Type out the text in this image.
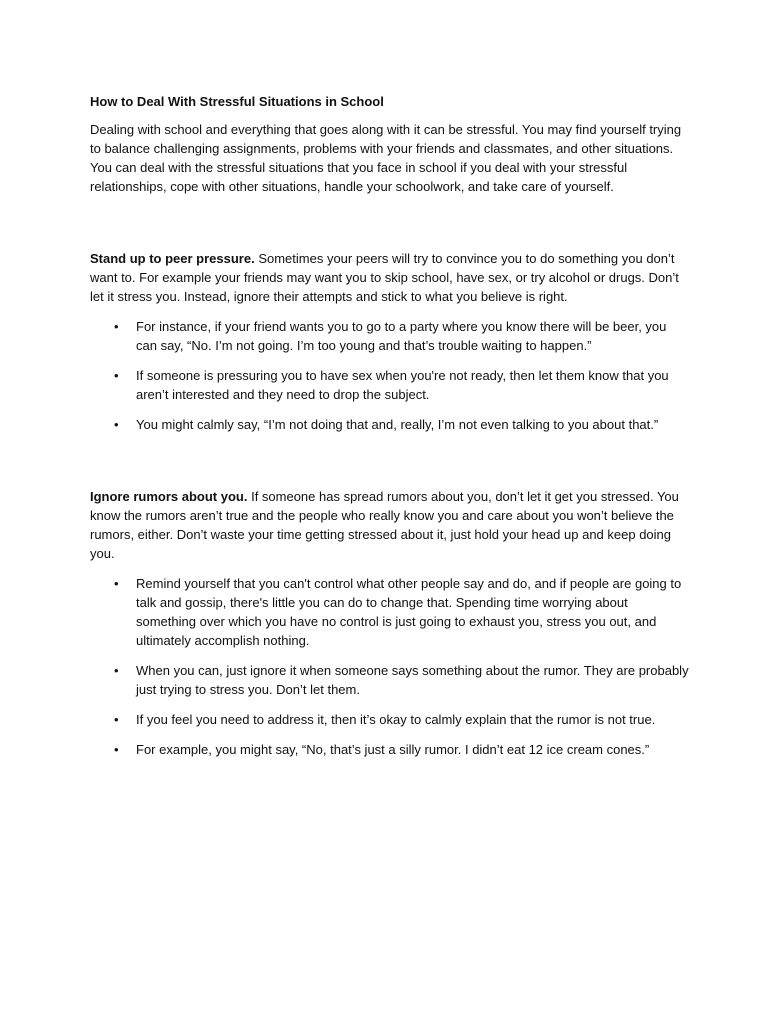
How to Deal With Stressful Situations in School

Dealing with school and everything that goes along with it can be stressful. You may find yourself trying to balance challenging assignments, problems with your friends and classmates, and other situations. You can deal with the stressful situations that you face in school if you deal with your stressful relationships, cope with other situations, handle your schoolwork, and take care of yourself.

Stand up to peer pressure. Sometimes your peers will try to convince you to do something you don’t want to. For example your friends may want you to skip school, have sex, or try alcohol or drugs. Don’t let it stress you. Instead, ignore their attempts and stick to what you believe is right.

• For instance, if your friend wants you to go to a party where you know there will be beer, you can say, “No. I’m not going. I’m too young and that’s trouble waiting to happen.”
• If someone is pressuring you to have sex when you're not ready, then let them know that you aren’t interested and they need to drop the subject.
• You might calmly say, “I’m not doing that and, really, I’m not even talking to you about that.”

Ignore rumors about you. If someone has spread rumors about you, don’t let it get you stressed. You know the rumors aren’t true and the people who really know you and care about you won’t believe the rumors, either. Don’t waste your time getting stressed about it, just hold your head up and keep doing you.

• Remind yourself that you can't control what other people say and do, and if people are going to talk and gossip, there's little you can do to change that. Spending time worrying about something over which you have no control is just going to exhaust you, stress you out, and ultimately accomplish nothing.
• When you can, just ignore it when someone says something about the rumor. They are probably just trying to stress you. Don’t let them.
• If you feel you need to address it, then it’s okay to calmly explain that the rumor is not true.
• For example, you might say, “No, that’s just a silly rumor. I didn’t eat 12 ice cream cones.”
